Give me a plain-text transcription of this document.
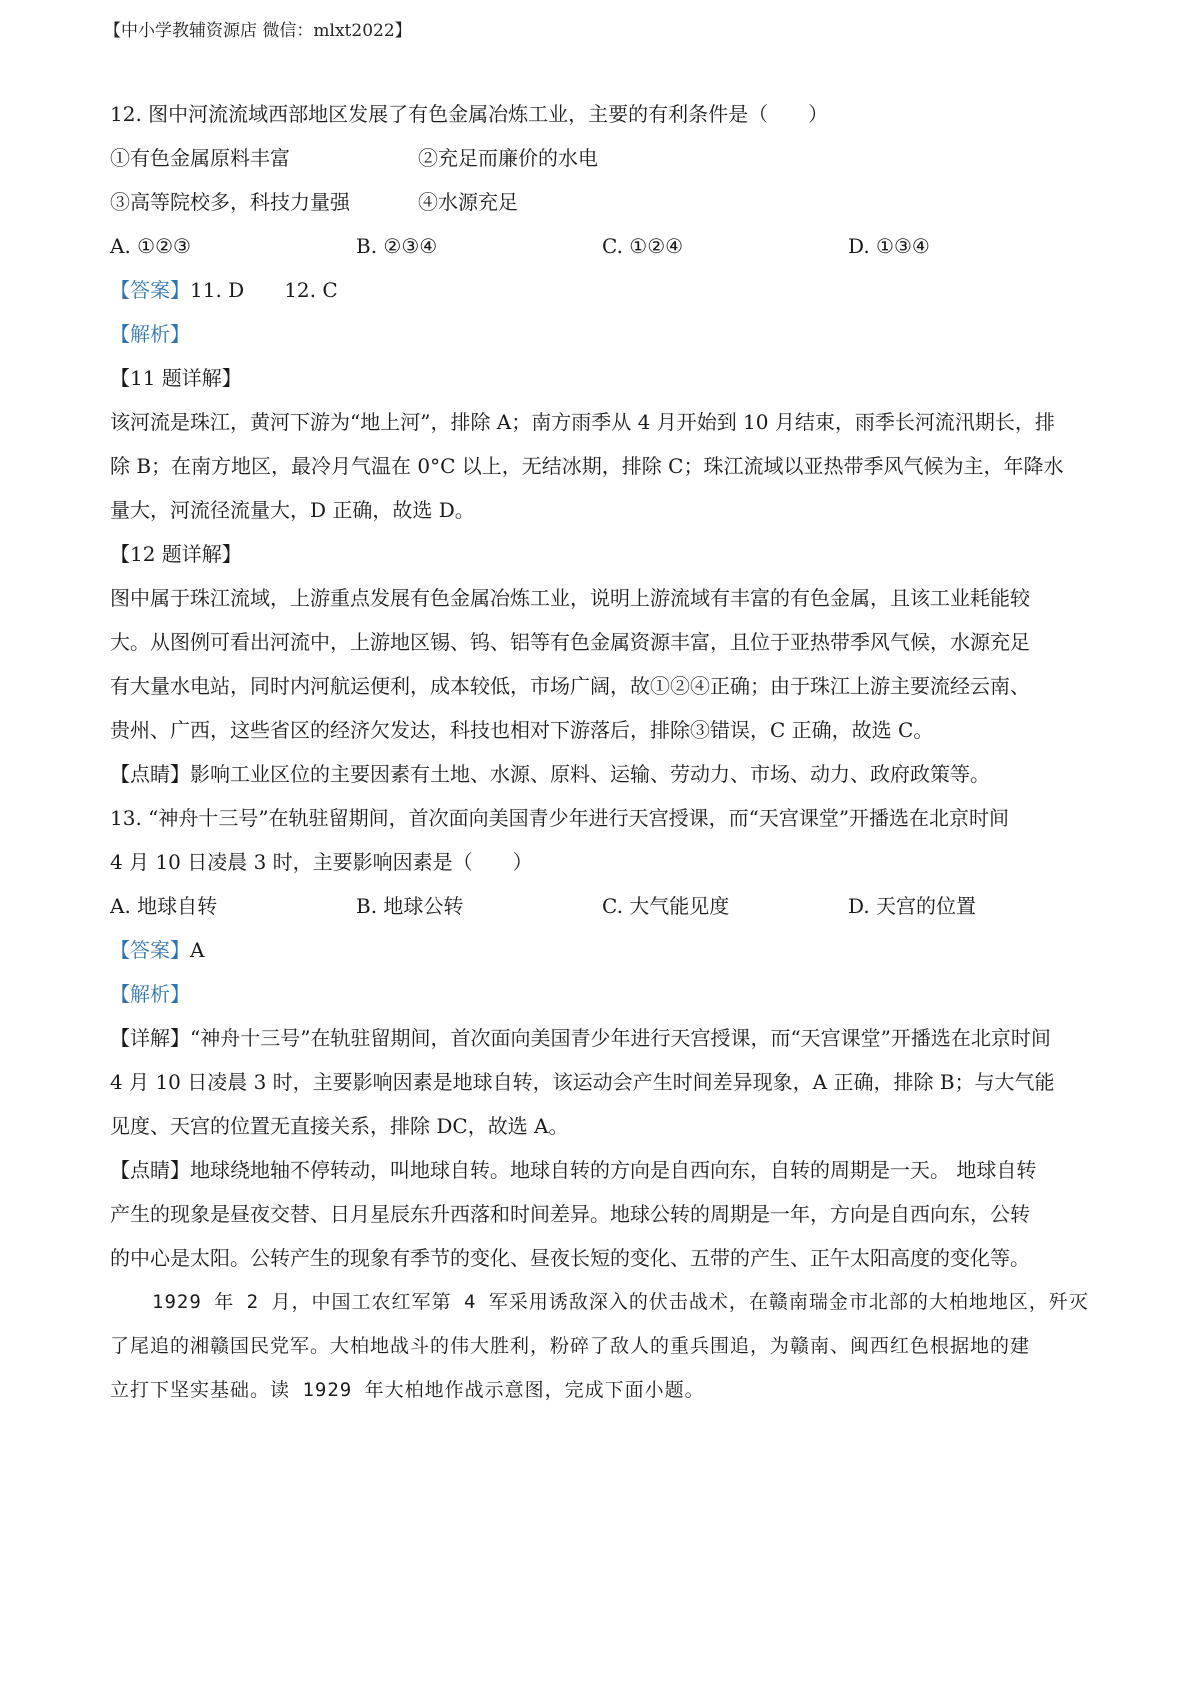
【中小学教辅资源店 微信：mlxt2022】
12. 图中河流流域西部地区发展了有色金属冶炼工业，主要的有利条件是（　　）
①有色金属原料丰富	②充足而廉价的水电
③高等院校多，科技力量强	④水源充足
A. ①②③	B. ②③④	C. ①②④	D. ①③④
【答案】11. D　　12. C
【解析】
【11 题详解】
该河流是珠江，黄河下游为“地上河”，排除 A；南方雨季从 4 月开始到 10 月结束，雨季长河流汛期长，排
除 B；在南方地区，最冷月气温在 0°C 以上，无结冰期，排除 C；珠江流域以亚热带季风气候为主，年降水
量大，河流径流量大，D 正确，故选 D。
【12 题详解】
图中属于珠江流域，上游重点发展有色金属冶炼工业，说明上游流域有丰富的有色金属，且该工业耗能较
大。从图例可看出河流中，上游地区锡、钨、铝等有色金属资源丰富，且位于亚热带季风气候，水源充足
有大量水电站，同时内河航运便利，成本较低，市场广阔，故①②④正确；由于珠江上游主要流经云南、
贵州、广西，这些省区的经济欠发达，科技也相对下游落后，排除③错误，C 正确，故选 C。
【点睛】影响工业区位的主要因素有土地、水源、原料、运输、劳动力、市场、动力、政府政策等。
13. “神舟十三号”在轨驻留期间，首次面向美国青少年进行天宫授课，而“天宫课堂”开播选在北京时间
4 月 10 日凌晨 3 时，主要影响因素是（　　）
A. 地球自转	B. 地球公转	C. 大气能见度	D. 天宫的位置
【答案】A
【解析】
【详解】“神舟十三号”在轨驻留期间，首次面向美国青少年进行天宫授课，而“天宫课堂”开播选在北京时间
4 月 10 日凌晨 3 时，主要影响因素是地球自转，该运动会产生时间差异现象，A 正确，排除 B；与大气能
见度、天宫的位置无直接关系，排除 DC，故选 A。
【点睛】地球绕地轴不停转动，叫地球自转。地球自转的方向是自西向东，自转的周期是一天。 地球自转
产生的现象是昼夜交替、日月星辰东升西落和时间差异。地球公转的周期是一年，方向是自西向东，公转
的中心是太阳。公转产生的现象有季节的变化、昼夜长短的变化、五带的产生、正午太阳高度的变化等。
1929 年 2 月，中国工农红军第 4 军采用诱敌深入的伏击战术，在赣南瑞金市北部的大柏地地区，歼灭
了尾追的湘赣国民党军。大柏地战斗的伟大胜利，粉碎了敌人的重兵围追，为赣南、闽西红色根据地的建
立打下坚实基础。读 1929 年大柏地作战示意图，完成下面小题。
